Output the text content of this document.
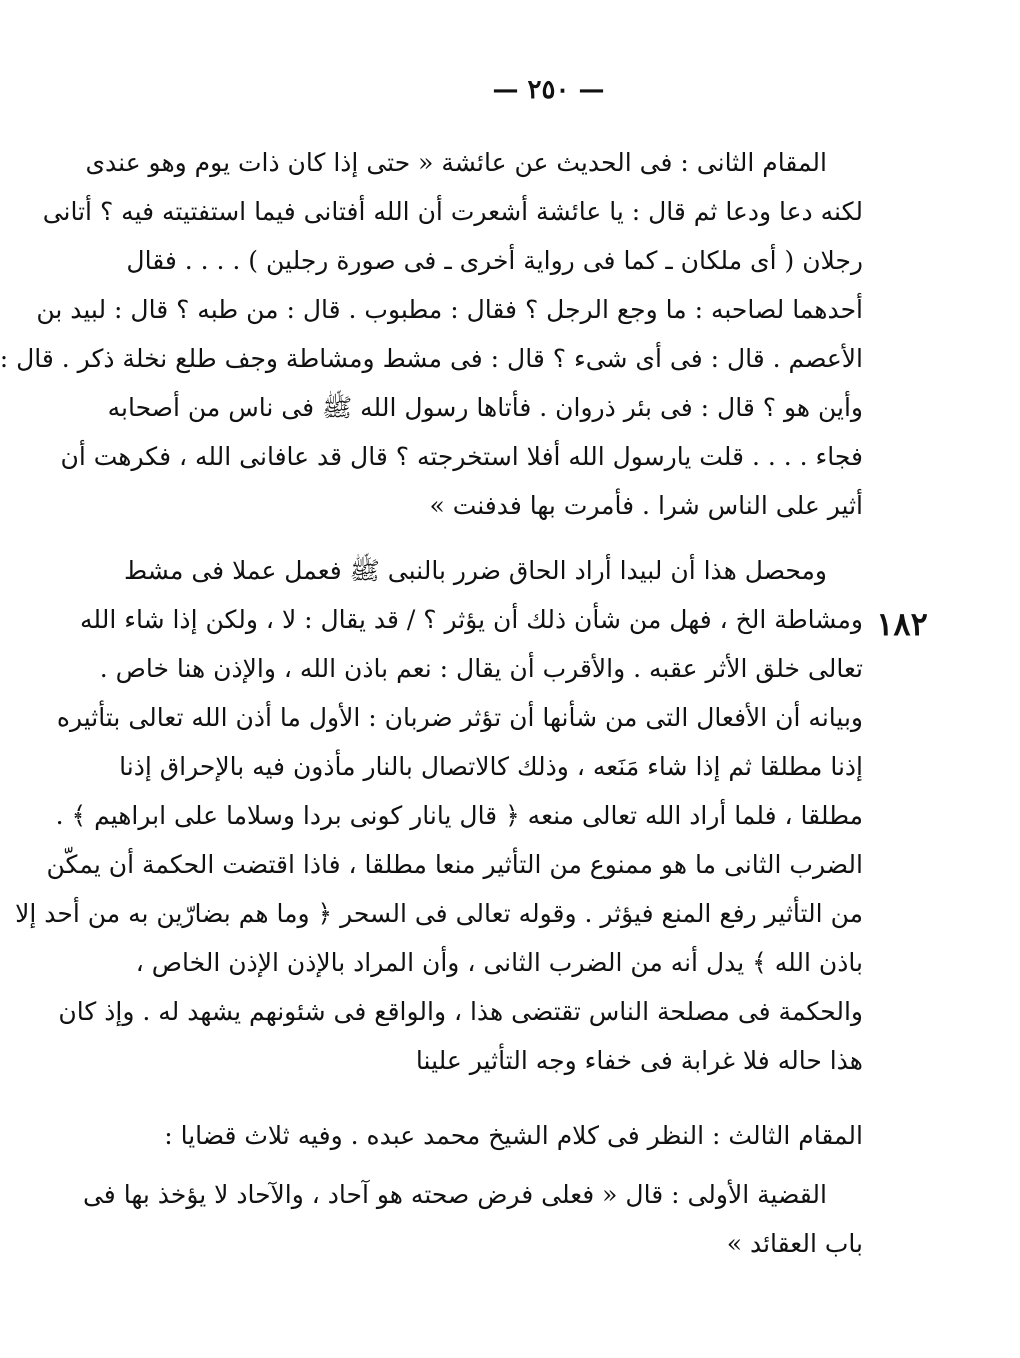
— ٢٥٠ —
١٨٢
المقام الثانى : فى الحديث عن عائشة « حتى إذا كان ذات يوم وهو عندى
لكنه دعا ودعا ثم قال : يا عائشة أشعرت أن الله أفتانى فيما استفتيته فيه ؟ أتانى
رجلان ( أى ملكان ـ كما فى رواية أخرى ـ فى صورة رجلين ) . . . . فقال
أحدهما لصاحبه : ما وجع الرجل ؟ فقال : مطبوب . قال : من طبه ؟ قال : لبيد بن
الأعصم . قال : فى أى شىء ؟ قال : فى مشط ومشاطة وجف طلع نخلة ذكر . قال :
وأين هو ؟ قال : فى بئر ذروان . فأتاها رسول الله ﷺ فى ناس من أصحابه
فجاء . . . . قلت يارسول الله أفلا استخرجته ؟ قال قد عافانى الله ، فكرهت أن
أثير على الناس شرا . فأمرت بها فدفنت »
ومحصل هذا أن لبيدا أراد الحاق ضرر بالنبى ﷺ فعمل عملا فى مشط
ومشاطة الخ ، فهل من شأن ذلك أن يؤثر ؟ / قد يقال : لا ، ولكن إذا شاء الله
تعالى خلق الأثر عقبه . والأقرب أن يقال : نعم باذن الله ، والإذن هنا خاص .
وبيانه أن الأفعال التى من شأنها أن تؤثر ضربان : الأول ما أذن الله تعالى بتأثيره
إذنا مطلقا ثم إذا شاء مَنَعه ، وذلك كالاتصال بالنار مأذون فيه بالإحراق إذنا
مطلقا ، فلما أراد الله تعالى منعه ﴿ قال يانار كونى بردا وسلاما على ابراهيم ﴾ .
الضرب الثانى ما هو ممنوع من التأثير منعا مطلقا ، فاذا اقتضت الحكمة أن يمكّن
من التأثير رفع المنع فيؤثر . وقوله تعالى فى السحر ﴿ وما هم بضارّين به من أحد إلا
باذن الله ﴾ يدل أنه من الضرب الثانى ، وأن المراد بالإذن الإذن الخاص ،
والحكمة فى مصلحة الناس تقتضى هذا ، والواقع فى شئونهم يشهد له . وإذ كان
هذا حاله فلا غرابة فى خفاء وجه التأثير علينا
المقام الثالث : النظر فى كلام الشيخ محمد عبده . وفيه ثلاث قضايا :
القضية الأولى : قال « فعلى فرض صحته هو آحاد ، والآحاد لا يؤخذ بها فى
باب العقائد »
